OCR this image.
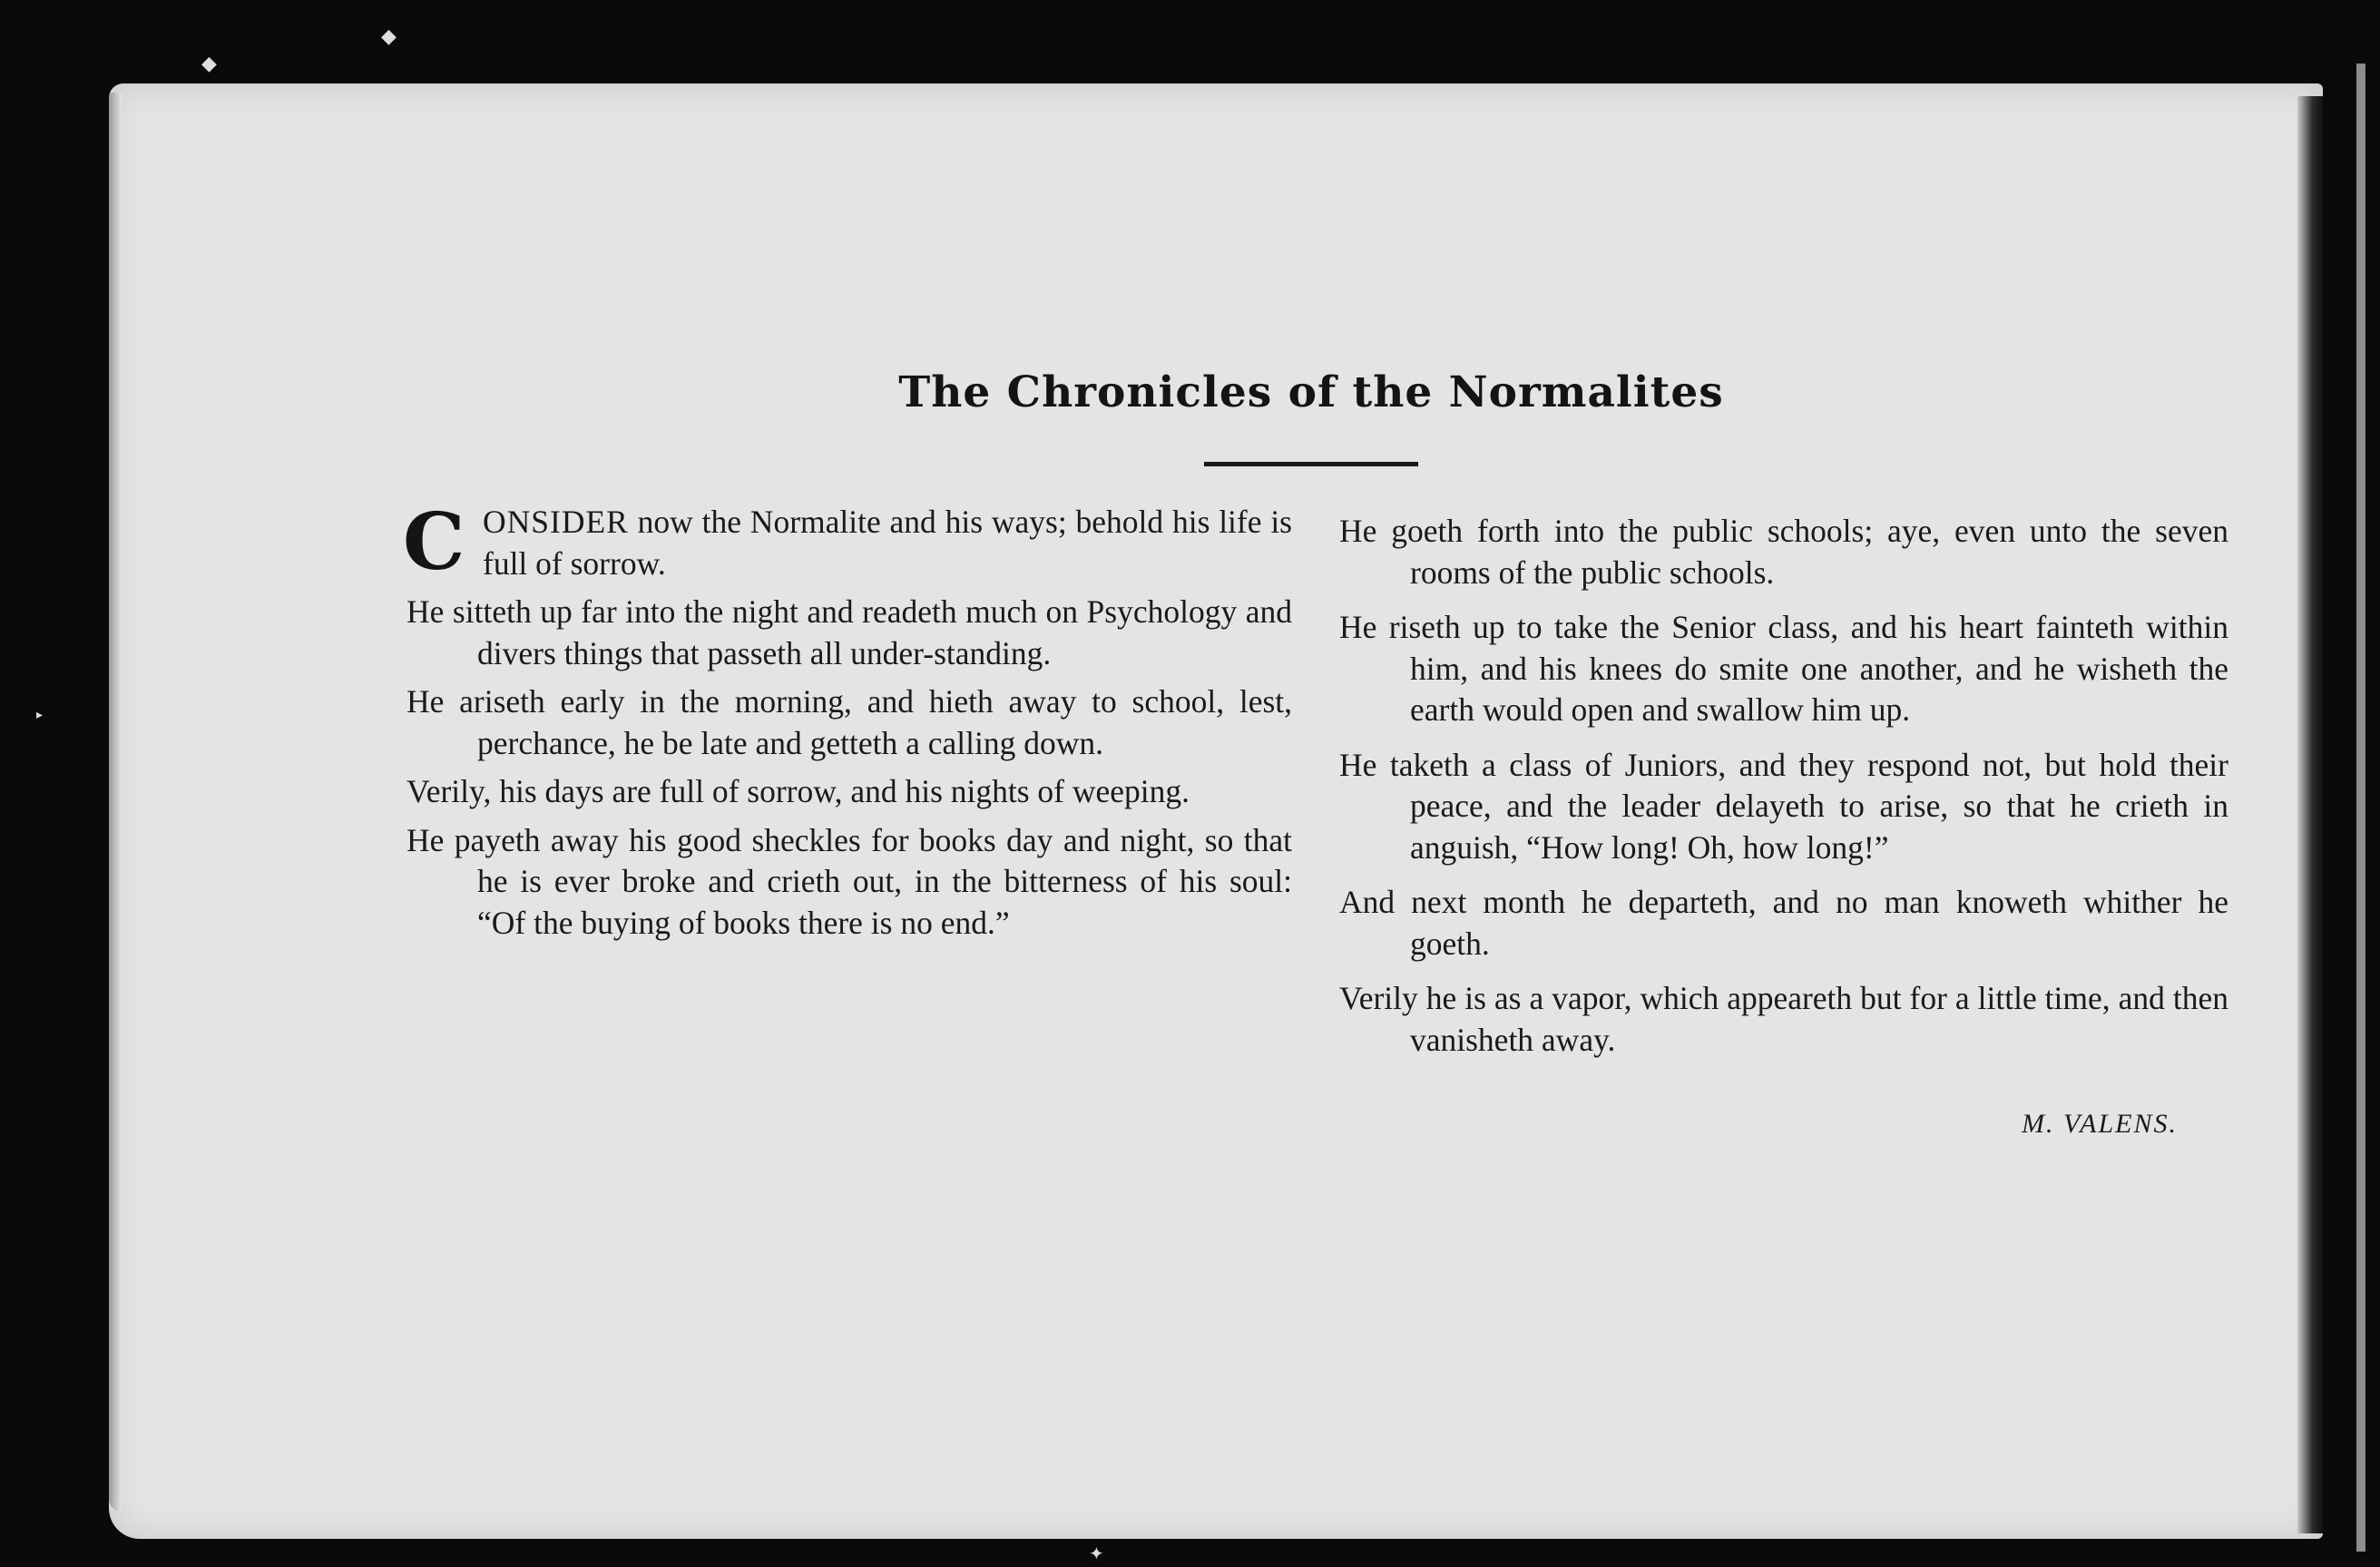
◆
◆
✦
▸
The Chronicles of the Normalites

C ONSIDER now the Normalite and his ways; behold his life is full of sorrow.

He sitteth up far into the night and readeth much on Psychology and divers things that passeth all under-standing.

He ariseth early in the morning, and hieth away to school, lest, perchance, he be late and getteth a calling down.

Verily, his days are full of sorrow, and his nights of weeping.

He payeth away his good sheckles for books day and night, so that he is ever broke and crieth out, in the bitterness of his soul: “Of the buying of books there is no end.”

He goeth forth into the public schools; aye, even unto the seven rooms of the public schools.

He riseth up to take the Senior class, and his heart fainteth within him, and his knees do smite one another, and he wisheth the earth would open and swallow him up.

He taketh a class of Juniors, and they respond not, but hold their peace, and the leader delayeth to arise, so that he crieth in anguish, “How long! Oh, how long!”

And next month he departeth, and no man knoweth whither he goeth.

Verily he is as a vapor, which appeareth but for a little time, and then vanisheth away.

M. VALENS.
